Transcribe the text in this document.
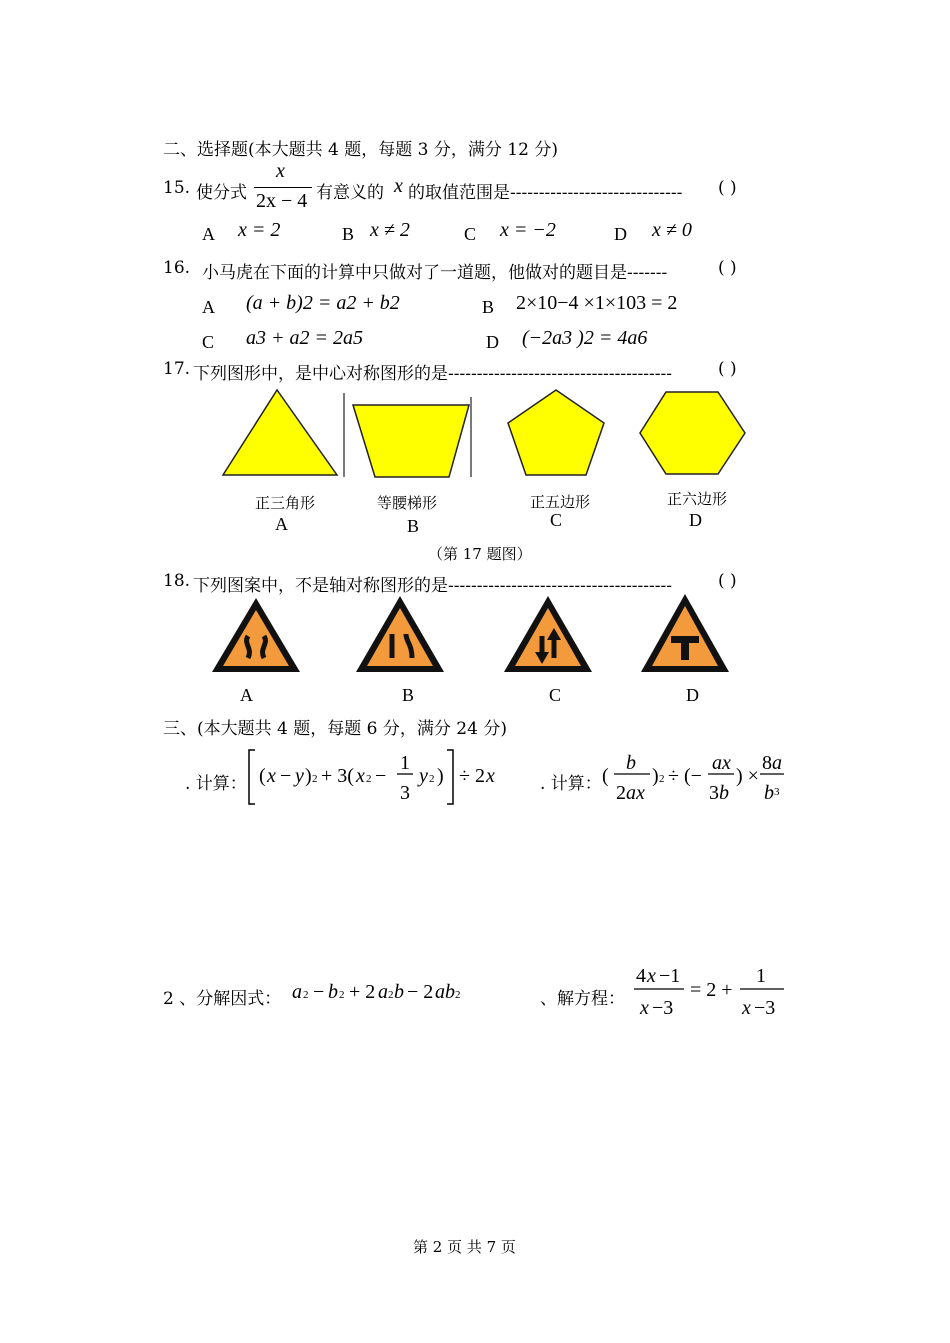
二、选择题(本大题共 4 题，每题 3 分，满分 12 分)
15. 使分式
x
2x − 4 有意义的 x 的取值范围是------------------------------ ( )
A x = 2	B x ≠ 2	C x = −2	D x ≠ 0
16. 小马虎在下面的计算中只做对了一道题，他做对的题目是-------	( )
A (a + b)2 = a2 + b2	B 2×10−4 ×1×103 = 2
C a3 + a2 = 2a5	D (−2a3 )2 = 4a6
17. 下列图形中，是中心对称图形的是---------------------------------------	( )
正三角形
A
等腰梯形
B
正五边形
C
正六边形
D
（第 17 题图）
18. 下列图案中，不是轴对称图形的是---------------------------------------	( )
A	B	C	D
三、(本大题共 4 题，每题 6 分，满分 24 分)
. 计算： ( x − y ) 2 + 3( x 2 −
1
3
y 2 ) ÷ 2 x	. 计算： (
b
2 ax
) 2 ÷ (−
ax
3 b
) ×
8 a
b 3
2 、分解因式： a 2 − b 2 + 2 a 2 b − 2 ab 2	、解方程：
4 x −1
x −3
= 2 +
1
x −3
第 2 页 共 7 页
